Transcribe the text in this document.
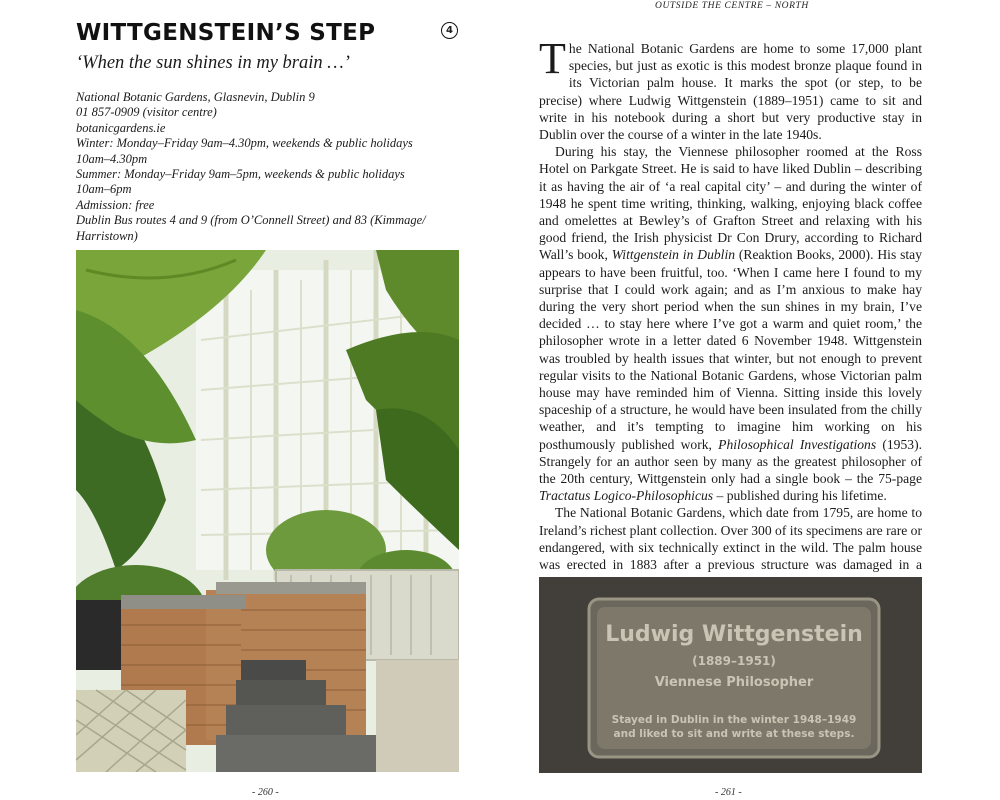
WITTGENSTEIN’S STEP	4
‘When the sun shines in my brain …’
National Botanic Gardens, Glasnevin, Dublin 9
01 857-0909 (visitor centre)
botanicgardens.ie
Winter: Monday–Friday 9am–4.30pm, weekends & public holidays
10am–4.30pm
Summer: Monday–Friday 9am–5pm, weekends & public holidays
10am–6pm
Admission: free
Dublin Bus routes 4 and 9 (from O’Connell Street) and 83 (Kimmage/
Harristown)
- 260 -
OUTSIDE THE CENTRE – NORTH

The National Botanic Gardens are home to some 17,000 plant species, but just as exotic is this modest bronze plaque found in its Victorian palm house. It marks the spot (or step, to be precise) where Ludwig Wittgenstein (1889–1951) came to sit and write in his notebook during a short but very productive stay in Dublin over the course of a winter in the late 1940s.

During his stay, the Viennese philosopher roomed at the Ross Hotel on Parkgate Street. He is said to have liked Dublin – describing it as having the air of ‘a real capital city’ – and during the winter of 1948 he spent time writing, thinking, walking, enjoying black coffee and omelettes at Bewley’s of Grafton Street and relaxing with his good friend, the Irish physicist Dr Con Drury, according to Richard Wall’s book, Wittgenstein in Dublin (Reaktion Books, 2000). His stay appears to have been fruitful, too. ‘When I came here I found to my surprise that I could work again; and as I’m anxious to make hay during the very short period when the sun shines in my brain, I’ve decided … to stay here where I’ve got a warm and quiet room,’ the philosopher wrote in a letter dated 6 November 1948. Wittgenstein was troubled by health issues that winter, but not enough to prevent regular visits to the National Botanic Gardens, whose Victorian palm house may have reminded him of Vienna. Sitting inside this lovely spaceship of a structure, he would have been insulated from the chilly weather, and it’s tempting to imagine him working on his posthumously published work, Philosophical Investigations (1953). Strangely for an author seen by many as the greatest philosopher of the 20th century, Wittgenstein only had a single book – the 75-page Tractatus Logico-Philosophicus – published during his lifetime.

The National Botanic Gardens, which date from 1795, are home to Ireland’s richest plant collection. Over 300 of its specimens are rare or endangered, with six technically extinct in the wild. The palm house was erected in 1883 after a previous structure was damaged in a

Ludwig Wittgenstein
(1889–1951)
Viennese Philosopher
Stayed in Dublin in the winter 1948–1949
and liked to sit and write at these steps.
- 261 -
